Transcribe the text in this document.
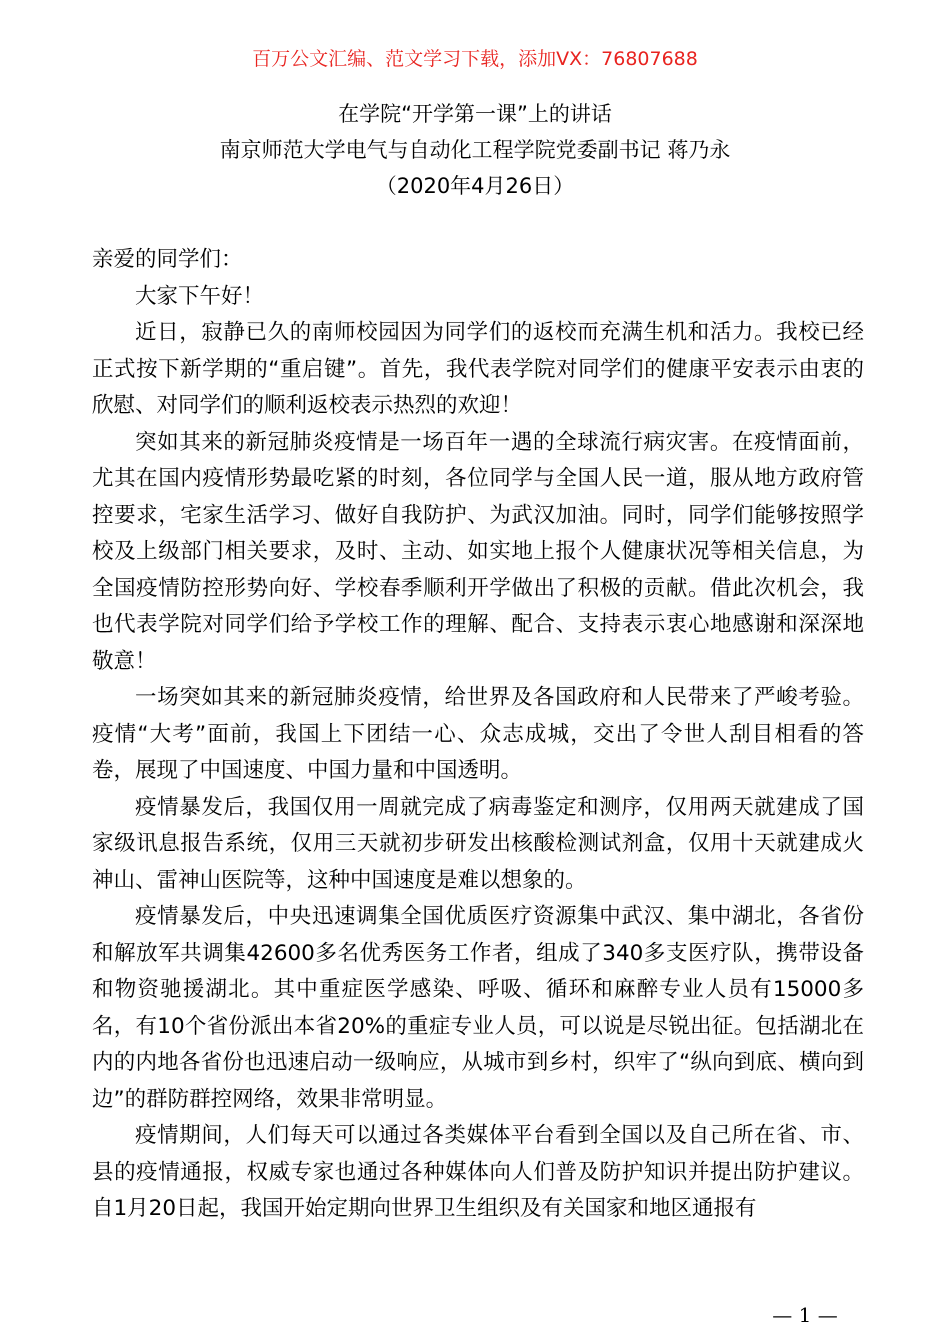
百万公文汇编、范文学习下载，添加VX：76807688
在学院“开学第一课”上的讲话
南京师范大学电气与自动化工程学院党委副书记 蒋乃永
（2020年4月26日）

亲爱的同学们：

大家下午好！

近日，寂静已久的南师校园因为同学们的返校而充满生机和活力。我校已经正式按下新学期的“重启键”。首先，我代表学院对同学们的健康平安表示由衷的欣慰、对同学们的顺利返校表示热烈的欢迎！

突如其来的新冠肺炎疫情是一场百年一遇的全球流行病灾害。在疫情面前，尤其在国内疫情形势最吃紧的时刻，各位同学与全国人民一道，服从地方政府管控要求，宅家生活学习、做好自我防护、为武汉加油。同时，同学们能够按照学校及上级部门相关要求，及时、主动、如实地上报个人健康状况等相关信息，为全国疫情防控形势向好、学校春季顺利开学做出了积极的贡献。借此次机会，我也代表学院对同学们给予学校工作的理解、配合、支持表示衷心地感谢和深深地敬意！

一场突如其来的新冠肺炎疫情，给世界及各国政府和人民带来了严峻考验。疫情“大考”面前，我国上下团结一心、众志成城，交出了令世人刮目相看的答卷，展现了中国速度、中国力量和中国透明。

疫情暴发后，我国仅用一周就完成了病毒鉴定和测序，仅用两天就建成了国家级讯息报告系统，仅用三天就初步研发出核酸检测试剂盒，仅用十天就建成火神山、雷神山医院等，这种中国速度是难以想象的。

疫情暴发后，中央迅速调集全国优质医疗资源集中武汉、集中湖北，各省份和解放军共调集42600多名优秀医务工作者，组成了340多支医疗队，携带设备和物资驰援湖北。其中重症医学感染、呼吸、循环和麻醉专业人员有15000多名，有10个省份派出本省20%的重症专业人员，可以说是尽锐出征。包括湖北在内的内地各省份也迅速启动一级响应，从城市到乡村，织牢了“纵向到底、横向到边”的群防群控网络，效果非常明显。

疫情期间，人们每天可以通过各类媒体平台看到全国以及自己所在省、市、县的疫情通报，权威专家也通过各种媒体向人们普及防护知识并提出防护建议。自1月20日起，我国开始定期向世界卫生组织及有关国家和地区通报有

— 1 —
